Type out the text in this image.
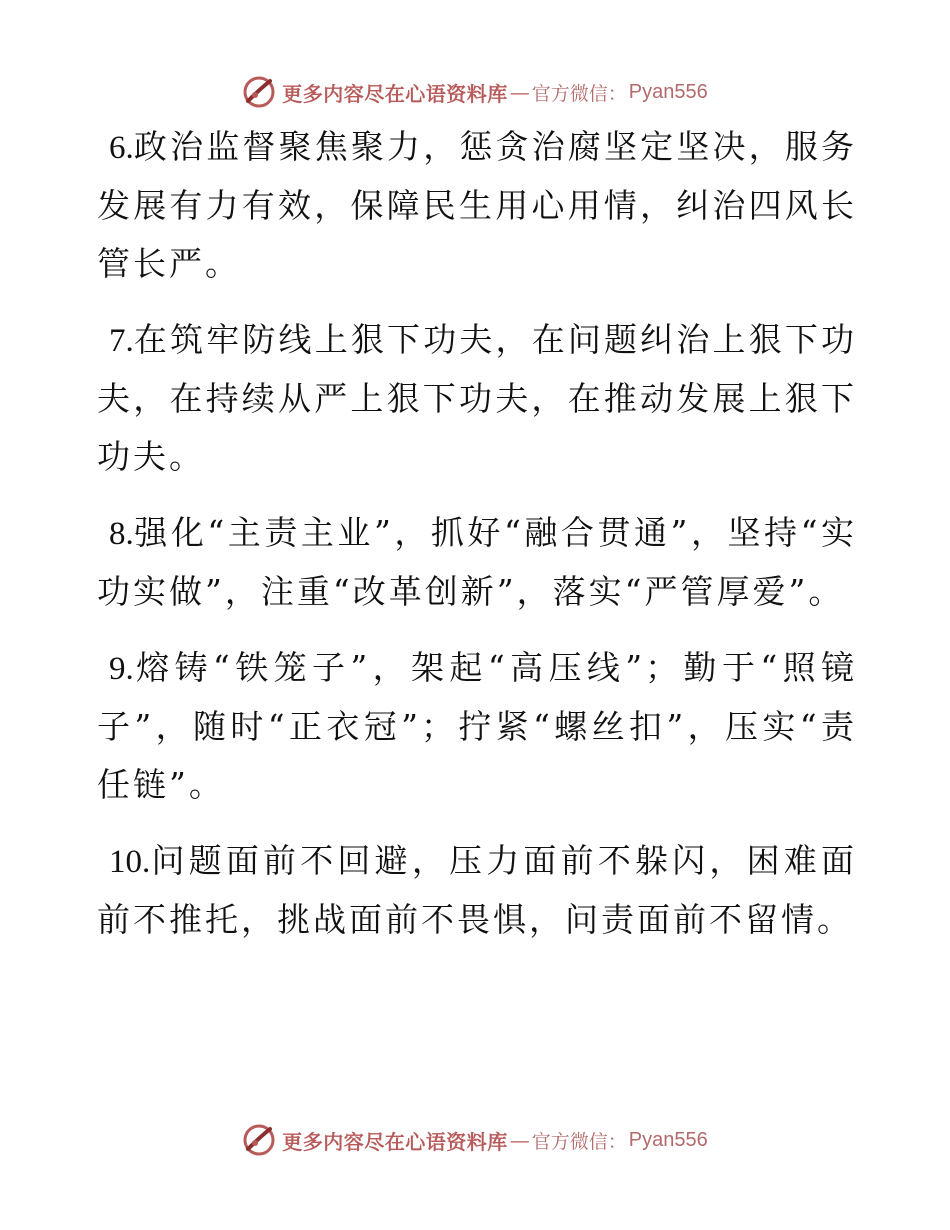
更多内容尽在心语资料库 — 官方微信： Pyan556

6.政治监督聚焦聚力，惩贪治腐坚定坚决，服务发展有力有效，保障民生用心用情，纠治四风长管长严。

7.在筑牢防线上狠下功夫，在问题纠治上狠下功夫，在持续从严上狠下功夫，在推动发展上狠下功夫。

8.强化“主责主业”，抓好“融合贯通”，坚持“实功实做”，注重“改革创新”，落实“严管厚爱”。

9.熔铸“铁笼子”，架起“高压线”；勤于“照镜子”，随时“正衣冠”；拧紧“螺丝扣”，压实“责任链”。

10.问题面前不回避，压力面前不躲闪，困难面前不推托，挑战面前不畏惧，问责面前不留情。

更多内容尽在心语资料库 — 官方微信： Pyan556
